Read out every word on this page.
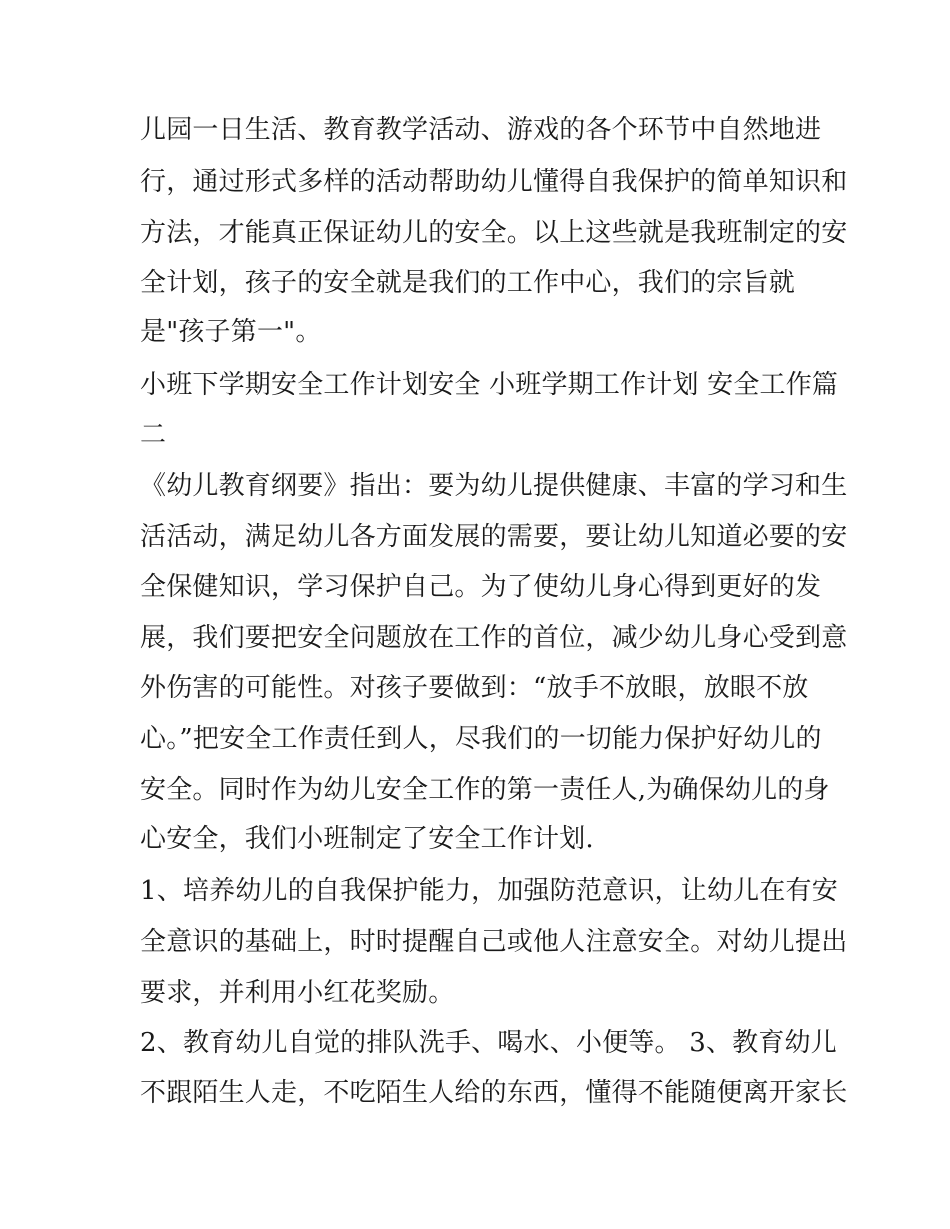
儿园一日生活、教育教学活动、游戏的各个环节中自然地进
行，通过形式多样的活动帮助幼儿懂得自我保护的简单知识和
方法，才能真正保证幼儿的安全。以上这些就是我班制定的安
全计划，孩子的安全就是我们的工作中心，我们的宗旨就
是"孩子第一"。
小班下学期安全工作计划安全 小班学期工作计划 安全工作篇
二
《幼儿教育纲要》指出：要为幼儿提供健康、丰富的学习和生
活活动，满足幼儿各方面发展的需要，要让幼儿知道必要的安
全保健知识，学习保护自己。为了使幼儿身心得到更好的发
展，我们要把安全问题放在工作的首位，减少幼儿身心受到意
外伤害的可能性。对孩子要做到：“放手不放眼，放眼不放
心。”把安全工作责任到人，尽我们的一切能力保护好幼儿的
安全。同时作为幼儿安全工作的第一责任人,为确保幼儿的身
心安全，我们小班制定了安全工作计划.
1、培养幼儿的自我保护能力，加强防范意识，让幼儿在有安
全意识的基础上，时时提醒自己或他人注意安全。对幼儿提出
要求，并利用小红花奖励。
2、教育幼儿自觉的排队洗手、喝水、小便等。 3、教育幼儿
不跟陌生人走，不吃陌生人给的东西，懂得不能随便离开家长
